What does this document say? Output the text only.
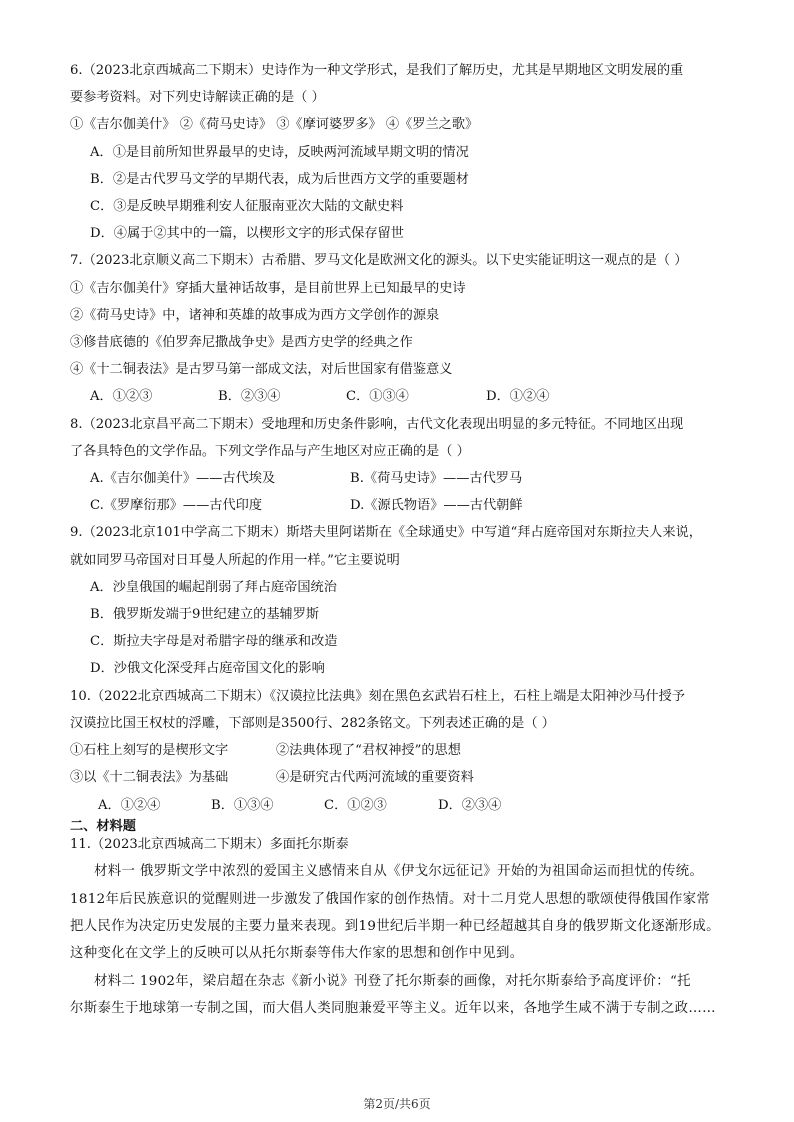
6.（2023北京西城高二下期末）史诗作为一种文学形式，是我们了解历史，尤其是早期地区文明发展的重
要参考资料。对下列史诗解读正确的是（ ）
①《吉尔伽美什》 ②《荷马史诗》 ③《摩诃婆罗多》 ④《罗兰之歌》
A．①是目前所知世界最早的史诗，反映两河流域早期文明的情况
B．②是古代罗马文学的早期代表，成为后世西方文学的重要题材
C．③是反映早期雅利安人征服南亚次大陆的文献史料
D．④属于②其中的一篇，以楔形文字的形式保存留世
7.（2023北京顺义高二下期末）古希腊、罗马文化是欧洲文化的源头。以下史实能证明这一观点的是（ ）
①《吉尔伽美什》穿插大量神话故事，是目前世界上已知最早的史诗
②《荷马史诗》中，诸神和英雄的故事成为西方文学创作的源泉
③修昔底德的《伯罗奔尼撒战争史》是西方史学的经典之作
④《十二铜表法》是古罗马第一部成文法，对后世国家有借鉴意义
A．①②③	B．②③④	C．①③④	D．①②④
8.（2023北京昌平高二下期末）受地理和历史条件影响，古代文化表现出明显的多元特征。不同地区出现
了各具特色的文学作品。下列文学作品与产生地区对应正确的是（ ）
A.《吉尔伽美什》——古代埃及	B.《荷马史诗》——古代罗马
C.《罗摩衍那》——古代印度	D.《源氏物语》——古代朝鲜
9.（2023北京101中学高二下期末）斯塔夫里阿诺斯在《全球通史》中写道“拜占庭帝国对东斯拉夫人来说，
就如同罗马帝国对日耳曼人所起的作用一样。”它主要说明
A．沙皇俄国的崛起削弱了拜占庭帝国统治
B．俄罗斯发端于9世纪建立的基辅罗斯
C．斯拉夫字母是对希腊字母的继承和改造
D．沙俄文化深受拜占庭帝国文化的影响
10.（2022北京西城高二下期末）《汉谟拉比法典》刻在黑色玄武岩石柱上，石柱上端是太阳神沙马什授予
汉谟拉比国王权杖的浮雕，下部则是3500行、282条铭文。下列表述正确的是（ ）
①石柱上刻写的是楔形文字	②法典体现了“君权神授”的思想
③以《十二铜表法》为基础	④是研究古代两河流域的重要资料
A．①②④	B．①③④	C．①②③	D．②③④
二、材料题
11.（2023北京西城高二下期末）多面托尔斯泰
材料一 俄罗斯文学中浓烈的爱国主义感情来自从《伊戈尔远征记》开始的为祖国命运而担忧的传统。
1812年后民族意识的觉醒则进一步激发了俄国作家的创作热情。对十二月党人思想的歌颂使得俄国作家常
把人民作为决定历史发展的主要力量来表现。到19世纪后半期一种已经超越其自身的俄罗斯文化逐渐形成。
这种变化在文学上的反映可以从托尔斯泰等伟大作家的思想和创作中见到。
材料二 1902年，梁启超在杂志《新小说》刊登了托尔斯泰的画像，对托尔斯泰给予高度评价：“托
尔斯泰生于地球第一专制之国，而大倡人类同胞兼爱平等主义。近年以来，各地学生咸不满于专制之政……
第2页/共6页
